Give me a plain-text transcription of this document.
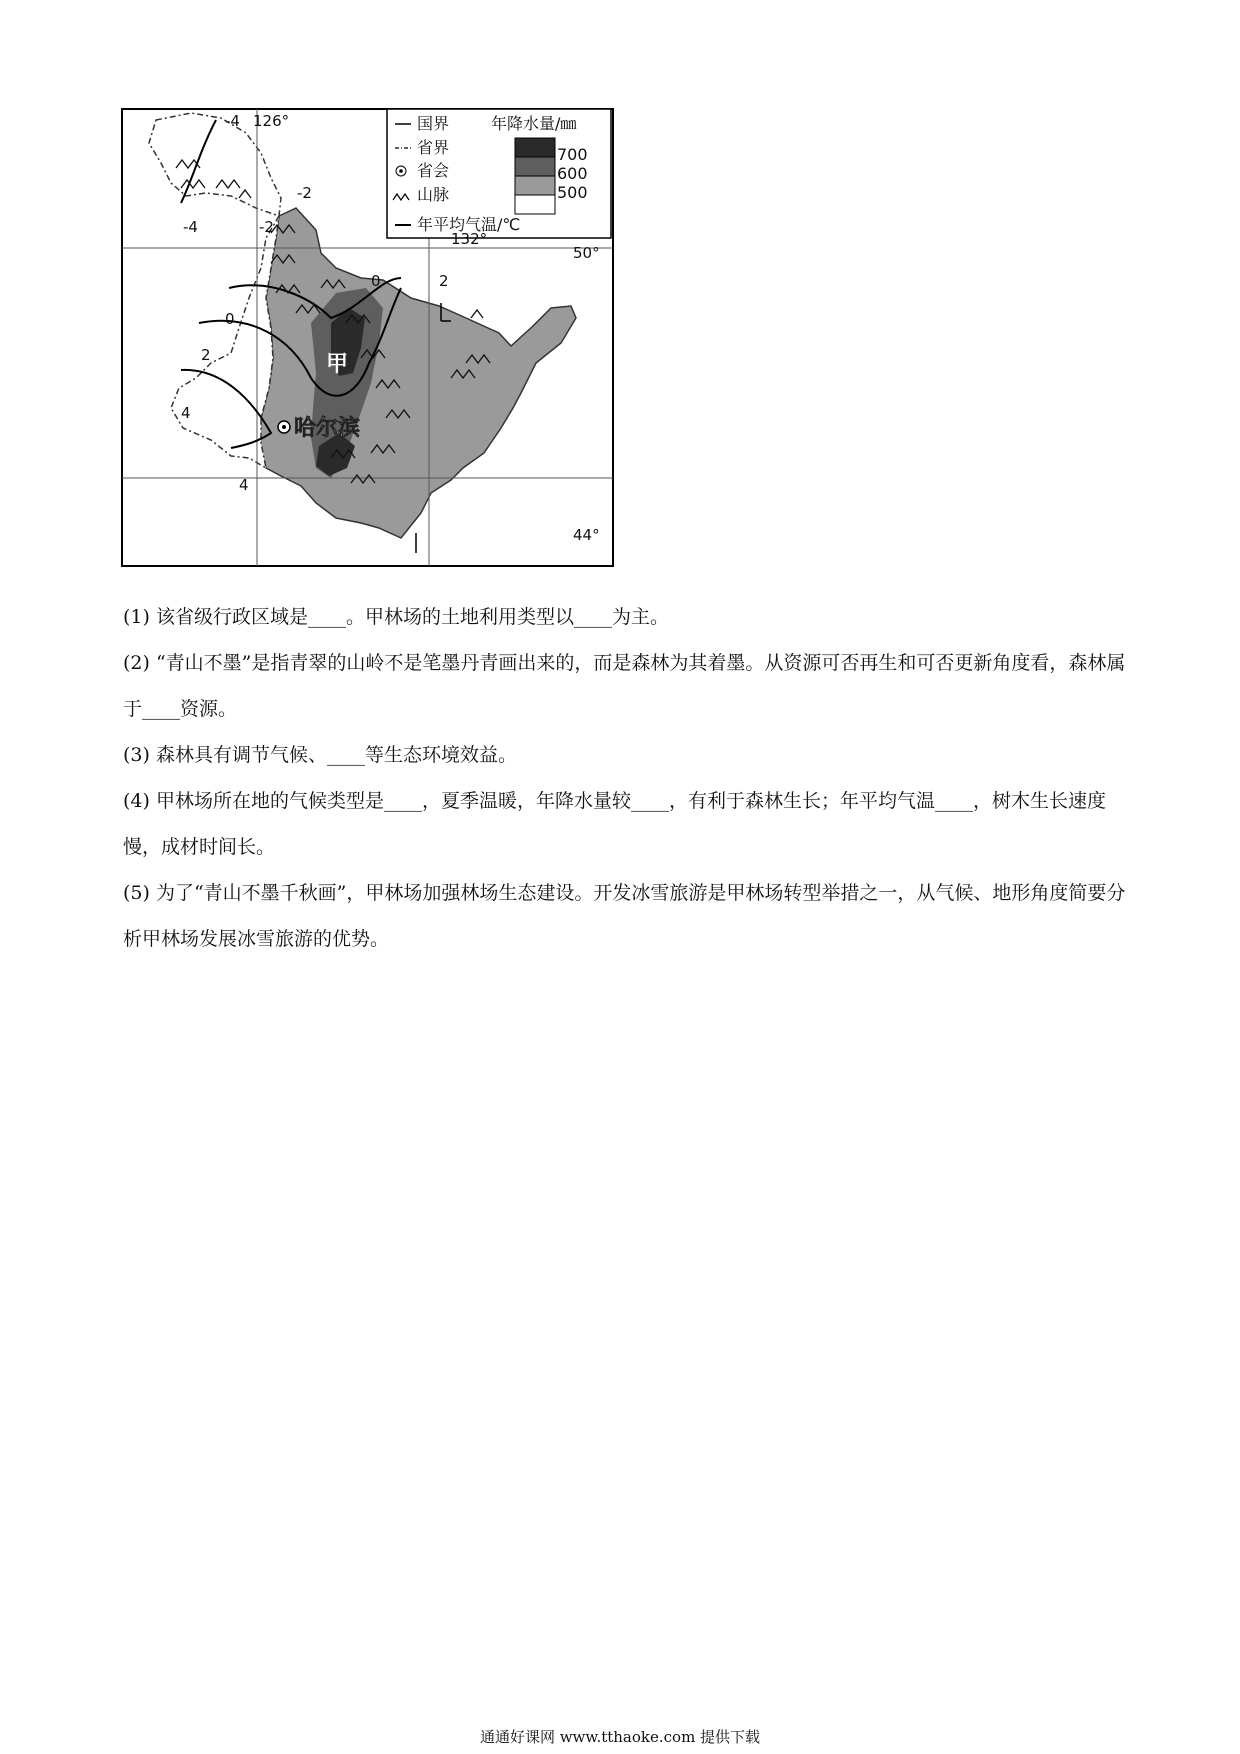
国界
省界
省会
山脉
年平均气温/℃
年降水量/㎜
700
600
500
126°
132°
50°
44°
-4
-2
-4	-2
0	2
0
2
4
4
I
甲
哈尔滨

(1) 该省级行政区域是____。甲林场的土地利用类型以____为主。

(2) “青山不墨”是指青翠的山岭不是笔墨丹青画出来的，而是森林为其着墨。从资源可否再生和可否更新角度看，森林属于____资源。

(3) 森林具有调节气候、____等生态环境效益。

(4) 甲林场所在地的气候类型是____，夏季温暖，年降水量较____，有利于森林生长；年平均气温____，树木生长速度慢，成材时间长。

(5) 为了“青山不墨千秋画”，甲林场加强林场生态建设。开发冰雪旅游是甲林场转型举措之一，从气候、地形角度简要分析甲林场发展冰雪旅游的优势。

通通好课网 www.tthaoke.com 提供下载
